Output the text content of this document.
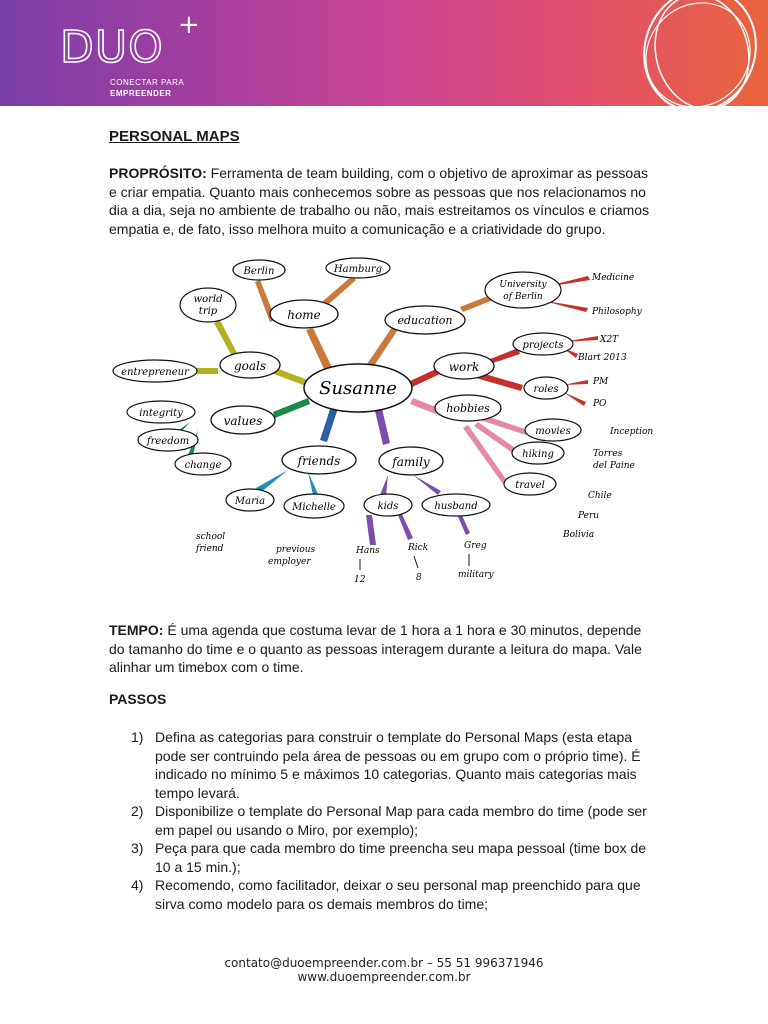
DUO +
CONECTAR PARA
EMPREENDER
PERSONAL MAPS
PROPRÓSITO: Ferramenta de team building, com o objetivo de aproximar as pessoas e criar empatia. Quanto mais conhecemos sobre as pessoas que nos relacionamos no dia a dia, seja no ambiente de trabalho ou não, mais estreitamos os vínculos e criamos empatia e, de fato, isso melhora muito a comunicação e a criatividade do grupo.
Susanne
home
Berlin	Hamburg
education
University
of Berlin
Medicine
Philosophy
goals
world
trip
entrepreneur	work
projects	X2T
Blart 2013
roles
PM
PO
values
integrity
freedom
change
hobbies
movies	Inception
hiking	Torres
del Paine
travel
Chile
Peru
Bolivia
friends
Maria
school
friend
Michelle
previous
employer
family
kids
Hans
12
Rick
8
husband
Greg
military
TEMPO: É uma agenda que costuma levar de 1 hora a 1 hora e 30 minutos, depende do tamanho do time e o quanto as pessoas interagem durante a leitura do mapa. Vale alinhar um timebox com o time.
PASSOS
1) Defina as categorias para construir o template do Personal Maps (esta etapa pode ser contruindo pela área de pessoas ou em grupo com o próprio time). É indicado no mínimo 5 e máximos 10 categorias. Quanto mais categorias mais tempo levará.
2) Disponibilize o template do Personal Map para cada membro do time (pode ser em papel ou usando o Miro, por exemplo);
3) Peça para que cada membro do time preencha seu mapa pessoal (time box de 10 a 15 min.);
4) Recomendo, como facilitador, deixar o seu personal map preenchido para que sirva como modelo para os demais membros do time;
contato@duoempreender.com.br – 55 51 996371946
www.duoempreender.com.br
